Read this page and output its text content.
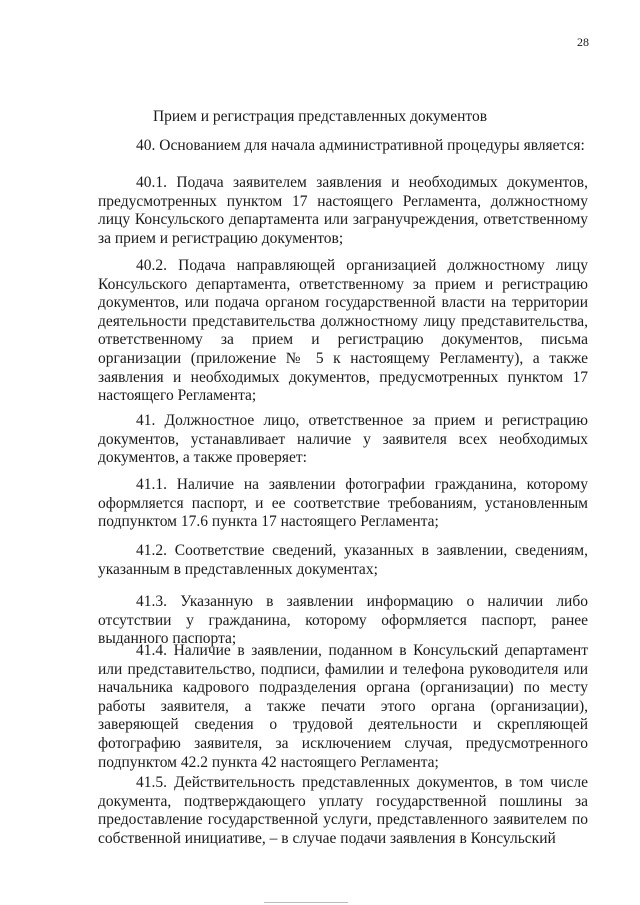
28
Прием и регистрация представленных документов
40. Основанием для начала административной процедуры является:
40.1. Подача заявителем заявления и необходимых документов, предусмотренных пунктом 17 настоящего Регламента, должностному лицу Консульского департамента или загранучреждения, ответственному за прием и регистрацию документов;
40.2. Подача направляющей организацией должностному лицу Консульского департамента, ответственному за прием и регистрацию документов, или подача органом государственной власти на территории деятельности представительства должностному лицу представительства, ответственному за прием и регистрацию документов, письма организации (приложение № 5 к настоящему Регламенту), а также заявления и необходимых документов, предусмотренных пунктом 17 настоящего Регламента;
41. Должностное лицо, ответственное за прием и регистрацию документов, устанавливает наличие у заявителя всех необходимых документов, а также проверяет:
41.1. Наличие на заявлении фотографии гражданина, которому оформляется паспорт, и ее соответствие требованиям, установленным подпунктом 17.6 пункта 17 настоящего Регламента;
41.2. Соответствие сведений, указанных в заявлении, сведениям, указанным в представленных документах;
41.3. Указанную в заявлении информацию о наличии либо отсутствии у гражданина, которому оформляется паспорт, ранее выданного паспорта;
41.4. Наличие в заявлении, поданном в Консульский департамент или представительство, подписи, фамилии и телефона руководителя или начальника кадрового подразделения органа (организации) по месту работы заявителя, а также печати этого органа (организации), заверяющей сведения о трудовой деятельности и скрепляющей фотографию заявителя, за исключением случая, предусмотренного подпунктом 42.2 пункта 42 настоящего Регламента;
41.5. Действительность представленных документов, в том числе документа, подтверждающего уплату государственной пошлины за предоставление государственной услуги, представленного заявителем по собственной инициативе, – в случае подачи заявления в Консульский
